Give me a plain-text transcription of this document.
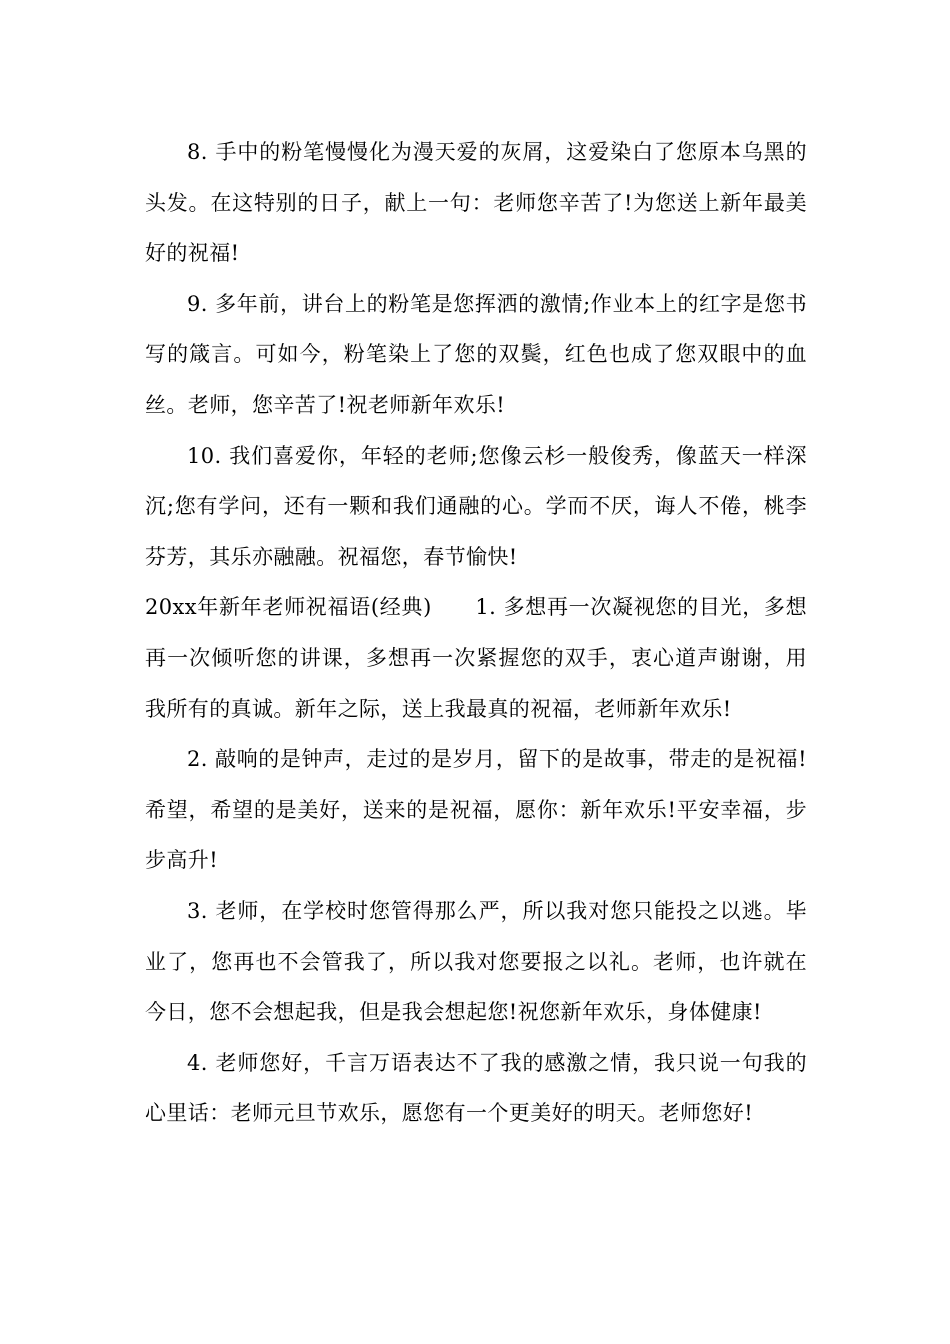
8. 手中的粉笔慢慢化为漫天爱的灰屑，这爱染白了您原本乌黑的头发。在这特别的日子，献上一句：老师您辛苦了!为您送上新年最美好的祝福!

9. 多年前，讲台上的粉笔是您挥洒的激情;作业本上的红字是您书写的箴言。可如今，粉笔染上了您的双鬓，红色也成了您双眼中的血丝。老师，您辛苦了!祝老师新年欢乐!

10. 我们喜爱你，年轻的老师;您像云杉一般俊秀，像蓝天一样深沉;您有学问，还有一颗和我们通融的心。学而不厌，诲人不倦，桃李芬芳，其乐亦融融。祝福您，春节愉快!

20xx年新年老师祝福语(经典)　　1. 多想再一次凝视您的目光，多想再一次倾听您的讲课，多想再一次紧握您的双手，衷心道声谢谢，用我所有的真诚。新年之际，送上我最真的祝福，老师新年欢乐!

2. 敲响的是钟声，走过的是岁月，留下的是故事，带走的是祝福!希望，希望的是美好，送来的是祝福，愿你：新年欢乐!平安幸福，步步高升!

3. 老师，在学校时您管得那么严，所以我对您只能投之以逃。毕业了，您再也不会管我了，所以我对您要报之以礼。老师，也许就在今日，您不会想起我，但是我会想起您!祝您新年欢乐，身体健康!

4. 老师您好，千言万语表达不了我的感激之情，我只说一句我的心里话：老师元旦节欢乐，愿您有一个更美好的明天。老师您好!
